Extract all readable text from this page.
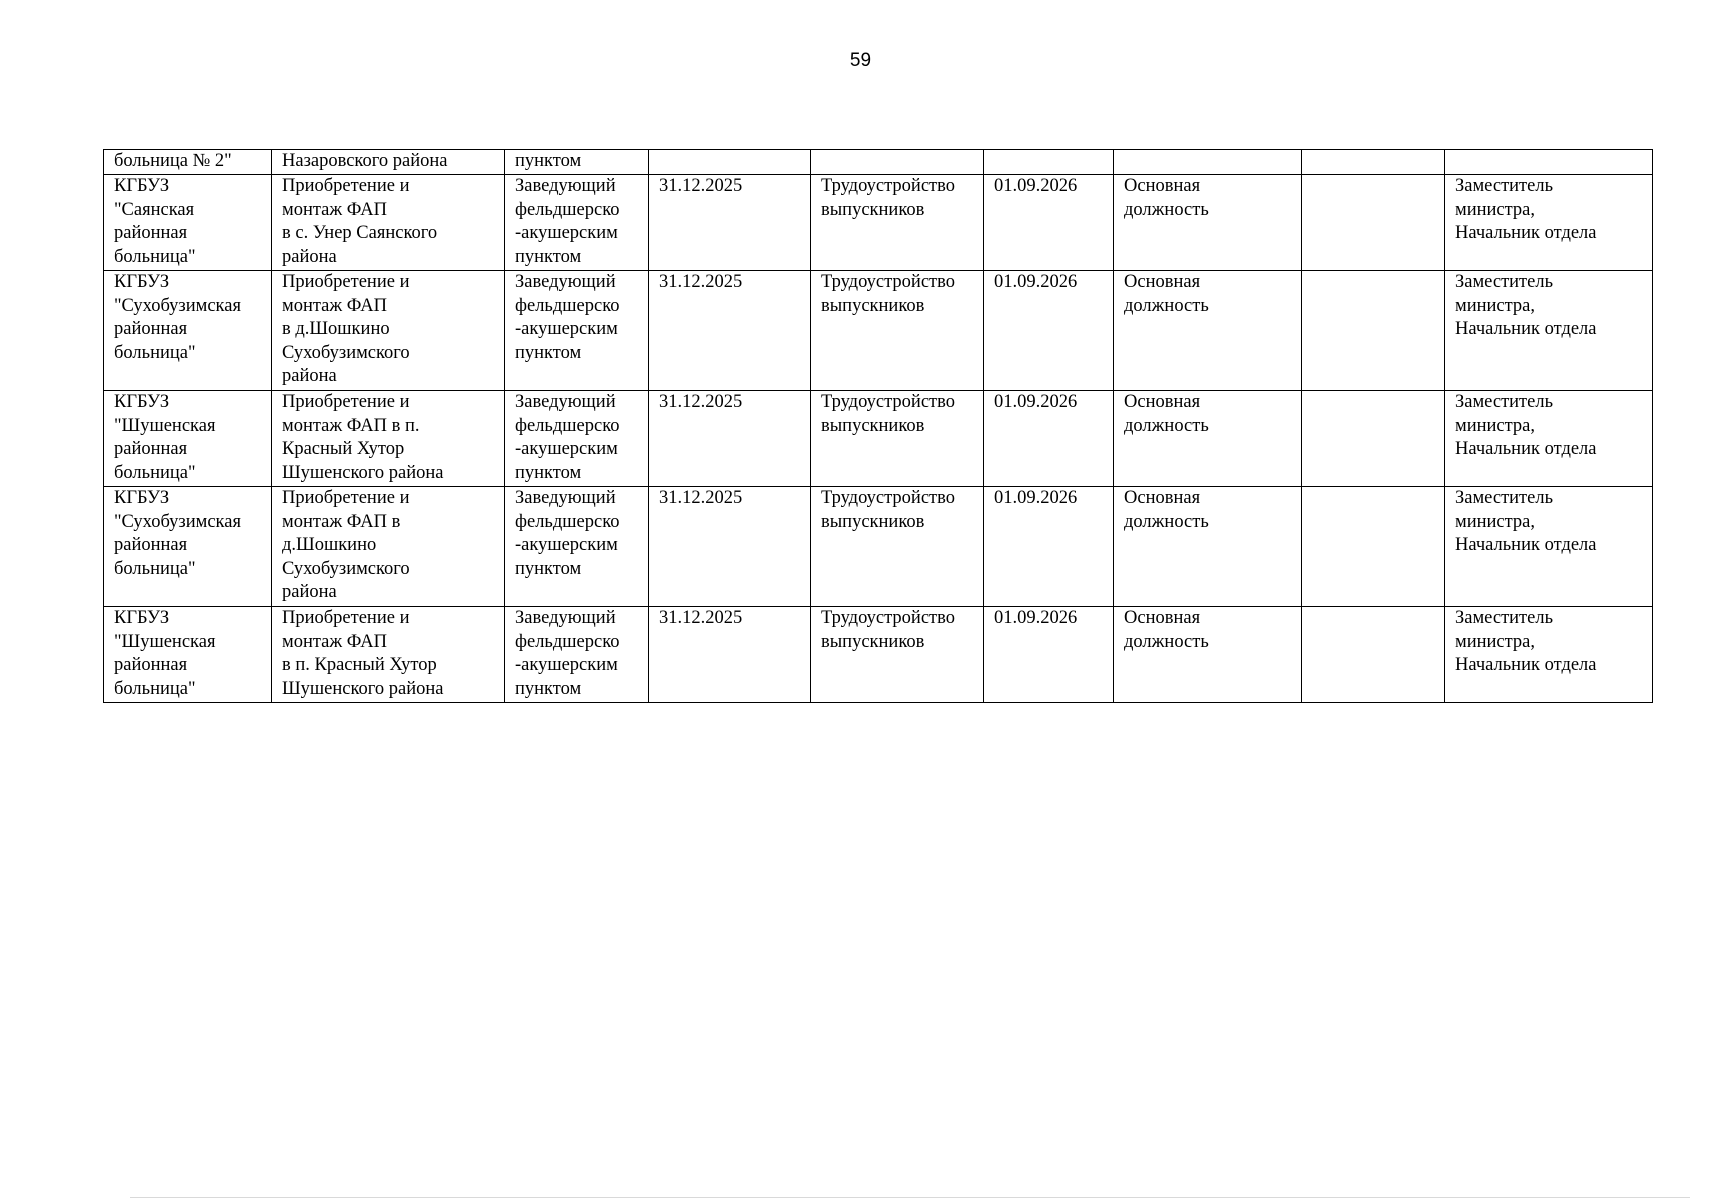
59
больница № 2"	Назаровского района	пунктом						

КГБУЗ
"Саянская
районная
больница"	Приобретение и
монтаж ФАП
в с. Унер Саянского
района	Заведующий
фельдшерско
-акушерским
пунктом	31.12.2025	Трудоустройство
выпускников	01.09.2026	Основная
должность		Заместитель
министра,
Начальник отдела

КГБУЗ
"Сухобузимская
районная
больница"	Приобретение и
монтаж ФАП
в д.Шошкино
Сухобузимского
района	Заведующий
фельдшерско
-акушерским
пунктом	31.12.2025	Трудоустройство
выпускников	01.09.2026	Основная
должность		Заместитель
министра,
Начальник отдела

КГБУЗ
"Шушенская
районная
больница"	Приобретение и
монтаж ФАП в п.
Красный Хутор
Шушенского района	Заведующий
фельдшерско
-акушерским
пунктом	31.12.2025	Трудоустройство
выпускников	01.09.2026	Основная
должность		Заместитель
министра,
Начальник отдела

КГБУЗ
"Сухобузимская
районная
больница"	Приобретение и
монтаж ФАП в
д.Шошкино
Сухобузимского
района	Заведующий
фельдшерско
-акушерским
пунктом	31.12.2025	Трудоустройство
выпускников	01.09.2026	Основная
должность		Заместитель
министра,
Начальник отдела

КГБУЗ
"Шушенская
районная
больница"	Приобретение и
монтаж ФАП
в п. Красный Хутор
Шушенского района	Заведующий
фельдшерско
-акушерским
пунктом	31.12.2025	Трудоустройство
выпускников	01.09.2026	Основная
должность		Заместитель
министра,
Начальник отдела
